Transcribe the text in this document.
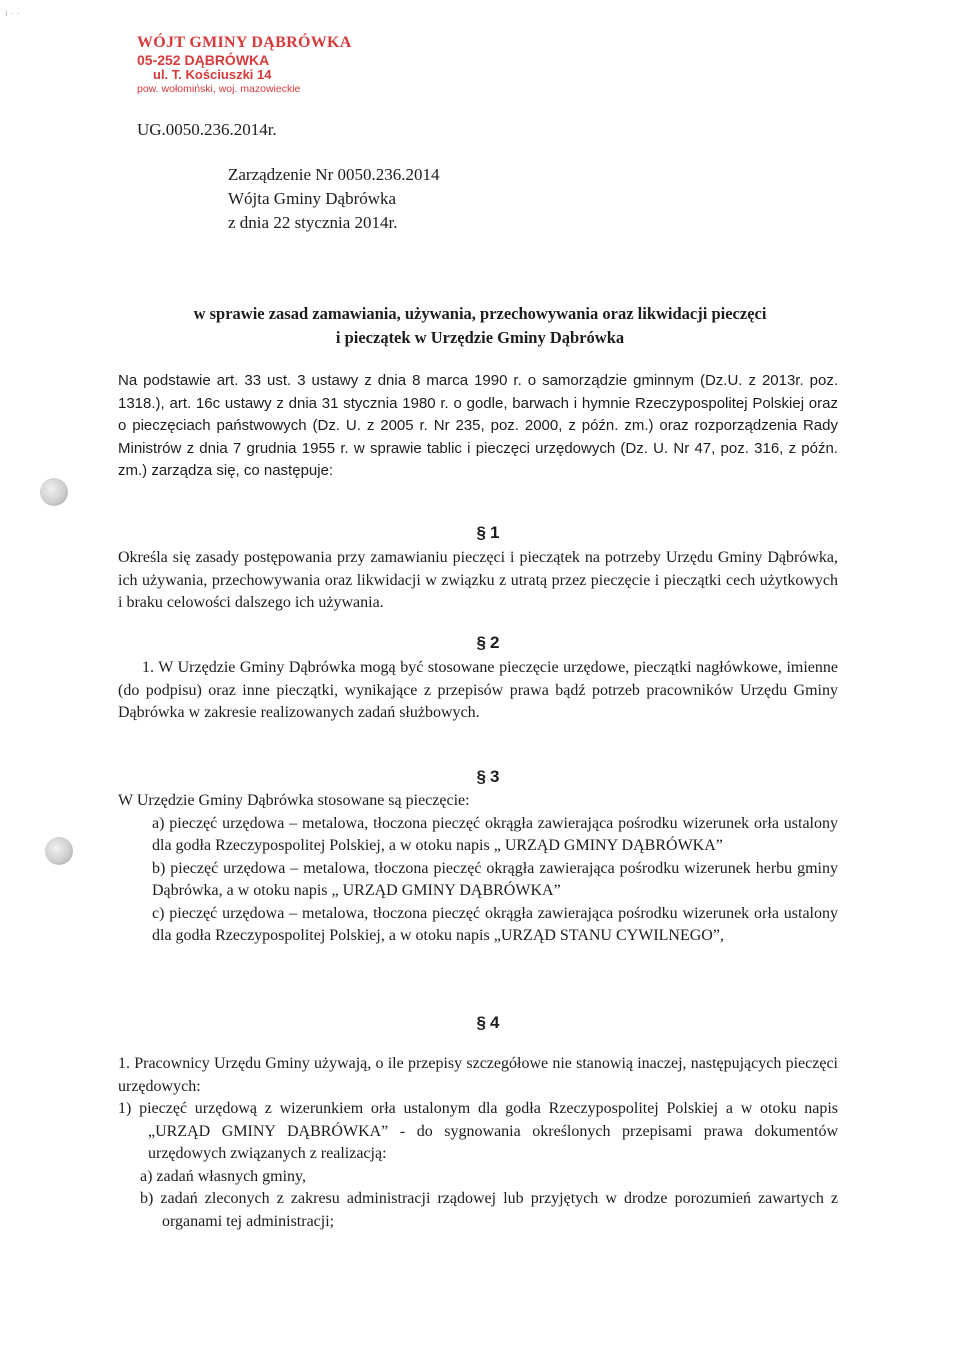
ı · ·
WÓJT GMINY DĄBRÓWKA
05-252 DĄBRÓWKA
ul. T. Kościuszki 14
pow. wołomiński, woj. mazowieckie
UG.0050.236.2014r.
Zarządzenie Nr 0050.236.2014
Wójta Gminy Dąbrówka
z dnia 22 stycznia 2014r.
w sprawie zasad zamawiania, używania, przechowywania oraz likwidacji pieczęci
i pieczątek w Urzędzie Gminy Dąbrówka
Na podstawie art. 33 ust. 3 ustawy z dnia 8 marca 1990 r. o samorządzie gminnym (Dz.U. z 2013r. poz. 1318.), art. 16c ustawy z dnia 31 stycznia 1980 r. o godle, barwach i hymnie Rzeczypospolitej Polskiej oraz o pieczęciach państwowych (Dz. U. z 2005 r. Nr 235, poz. 2000, z późn. zm.) oraz rozporządzenia Rady Ministrów z dnia 7 grudnia 1955 r. w sprawie tablic i pieczęci urzędowych (Dz. U. Nr 47, poz. 316, z późn. zm.) zarządza się, co następuje:
§ 1

Określa się zasady postępowania przy zamawianiu pieczęci i pieczątek na potrzeby Urzędu Gminy Dąbrówka, ich używania, przechowywania oraz likwidacji w związku z utratą przez pieczęcie i pieczątki cech użytkowych i braku celowości dalszego ich używania.

§ 2

1. W Urzędzie Gminy Dąbrówka mogą być stosowane pieczęcie urzędowe, pieczątki nagłówkowe, imienne (do podpisu) oraz inne pieczątki, wynikające z przepisów prawa bądź potrzeb pracowników Urzędu Gminy Dąbrówka w zakresie realizowanych zadań służbowych.

§ 3

W Urzędzie Gminy Dąbrówka stosowane są pieczęcie:

a) pieczęć urzędowa – metalowa, tłoczona pieczęć okrągła zawierająca pośrodku wizerunek orła ustalony dla godła Rzeczypospolitej Polskiej, a w otoku napis „ URZĄD GMINY DĄBRÓWKA”

b) pieczęć urzędowa – metalowa, tłoczona pieczęć okrągła zawierająca pośrodku wizerunek herbu gminy Dąbrówka, a w otoku napis „ URZĄD GMINY DĄBRÓWKA”

c) pieczęć urzędowa – metalowa, tłoczona pieczęć okrągła zawierająca pośrodku wizerunek orła ustalony dla godła Rzeczypospolitej Polskiej, a w otoku napis „URZĄD STANU CYWILNEGO”,

§ 4

1. Pracownicy Urzędu Gminy używają, o ile przepisy szczegółowe nie stanowią inaczej, następujących pieczęci urzędowych:

1) pieczęć urzędową z wizerunkiem orła ustalonym dla godła Rzeczypospolitej Polskiej a w otoku napis „URZĄD GMINY DĄBRÓWKA” - do sygnowania określonych przepisami prawa dokumentów urzędowych związanych z realizacją:

a) zadań własnych gminy,

b) zadań zleconych z zakresu administracji rządowej lub przyjętych w drodze porozumień zawartych z organami tej administracji;
